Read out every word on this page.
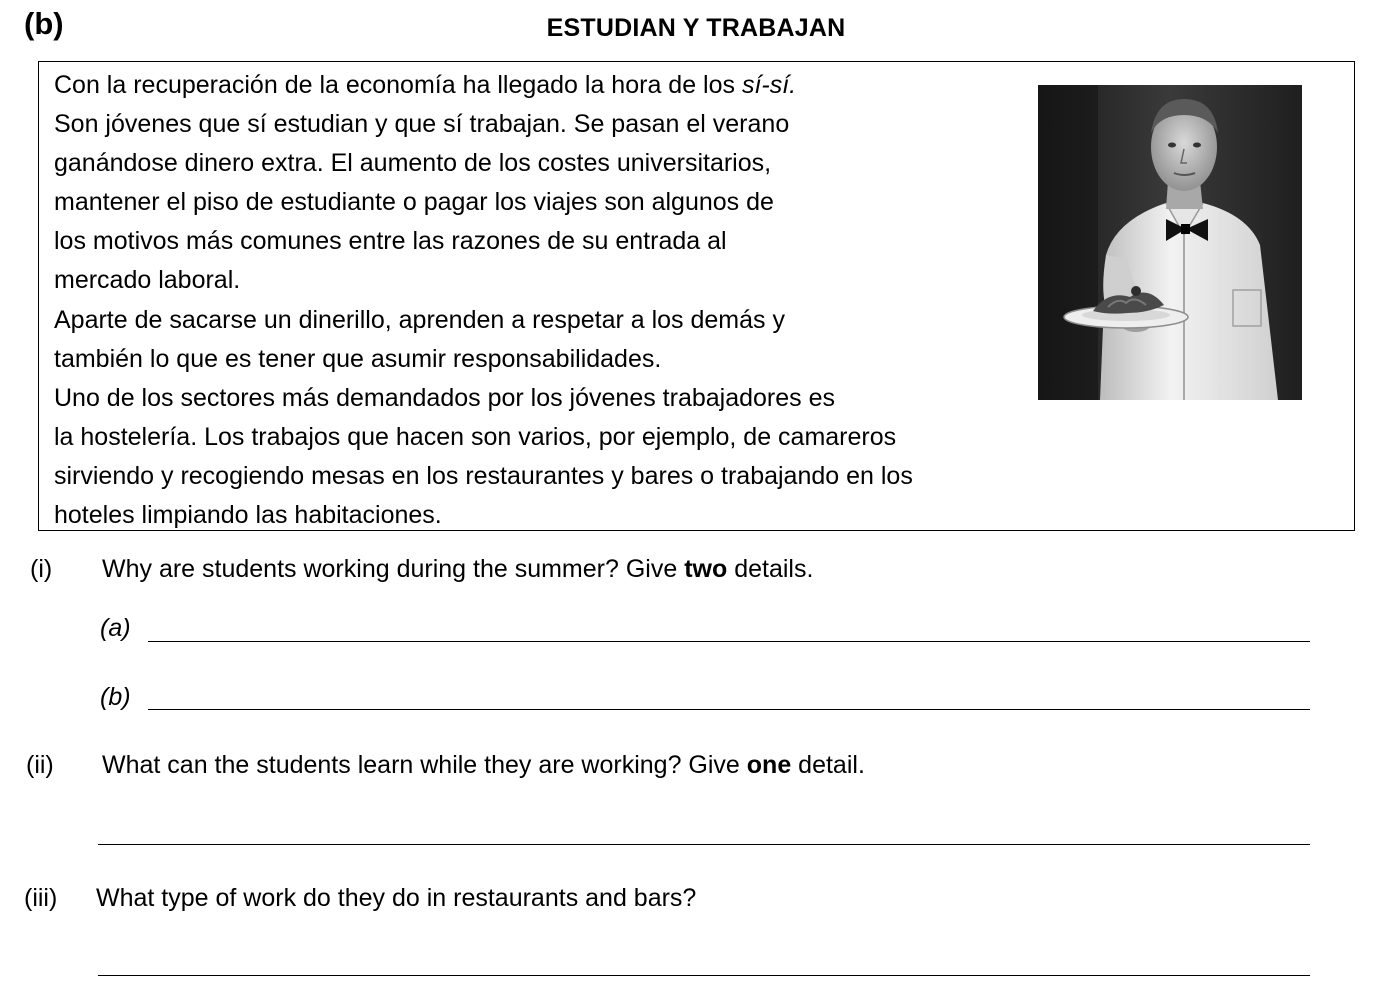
(b)	ESTUDIAN Y TRABAJAN
Con la recuperación de la economía ha llegado la hora de los sí-sí.
Son jóvenes que sí estudian y que sí trabajan. Se pasan el verano
ganándose dinero extra. El aumento de los costes universitarios,
mantener el piso de estudiante o pagar los viajes son algunos de
los motivos más comunes entre las razones de su entrada al
mercado laboral.
Aparte de sacarse un dinerillo, aprenden a respetar a los demás y
también lo que es tener que asumir responsabilidades.
Uno de los sectores más demandados por los jóvenes trabajadores es
la hostelería. Los trabajos que hacen son varios, por ejemplo, de camareros
sirviendo y recogiendo mesas en los restaurantes y bares o trabajando en los
hoteles limpiando las habitaciones.
(i) Why are students working during the summer? Give two details.
(a)
(b)
(ii) What can the students learn while they are working? Give one detail.
(iii) What type of work do they do in restaurants and bars?
